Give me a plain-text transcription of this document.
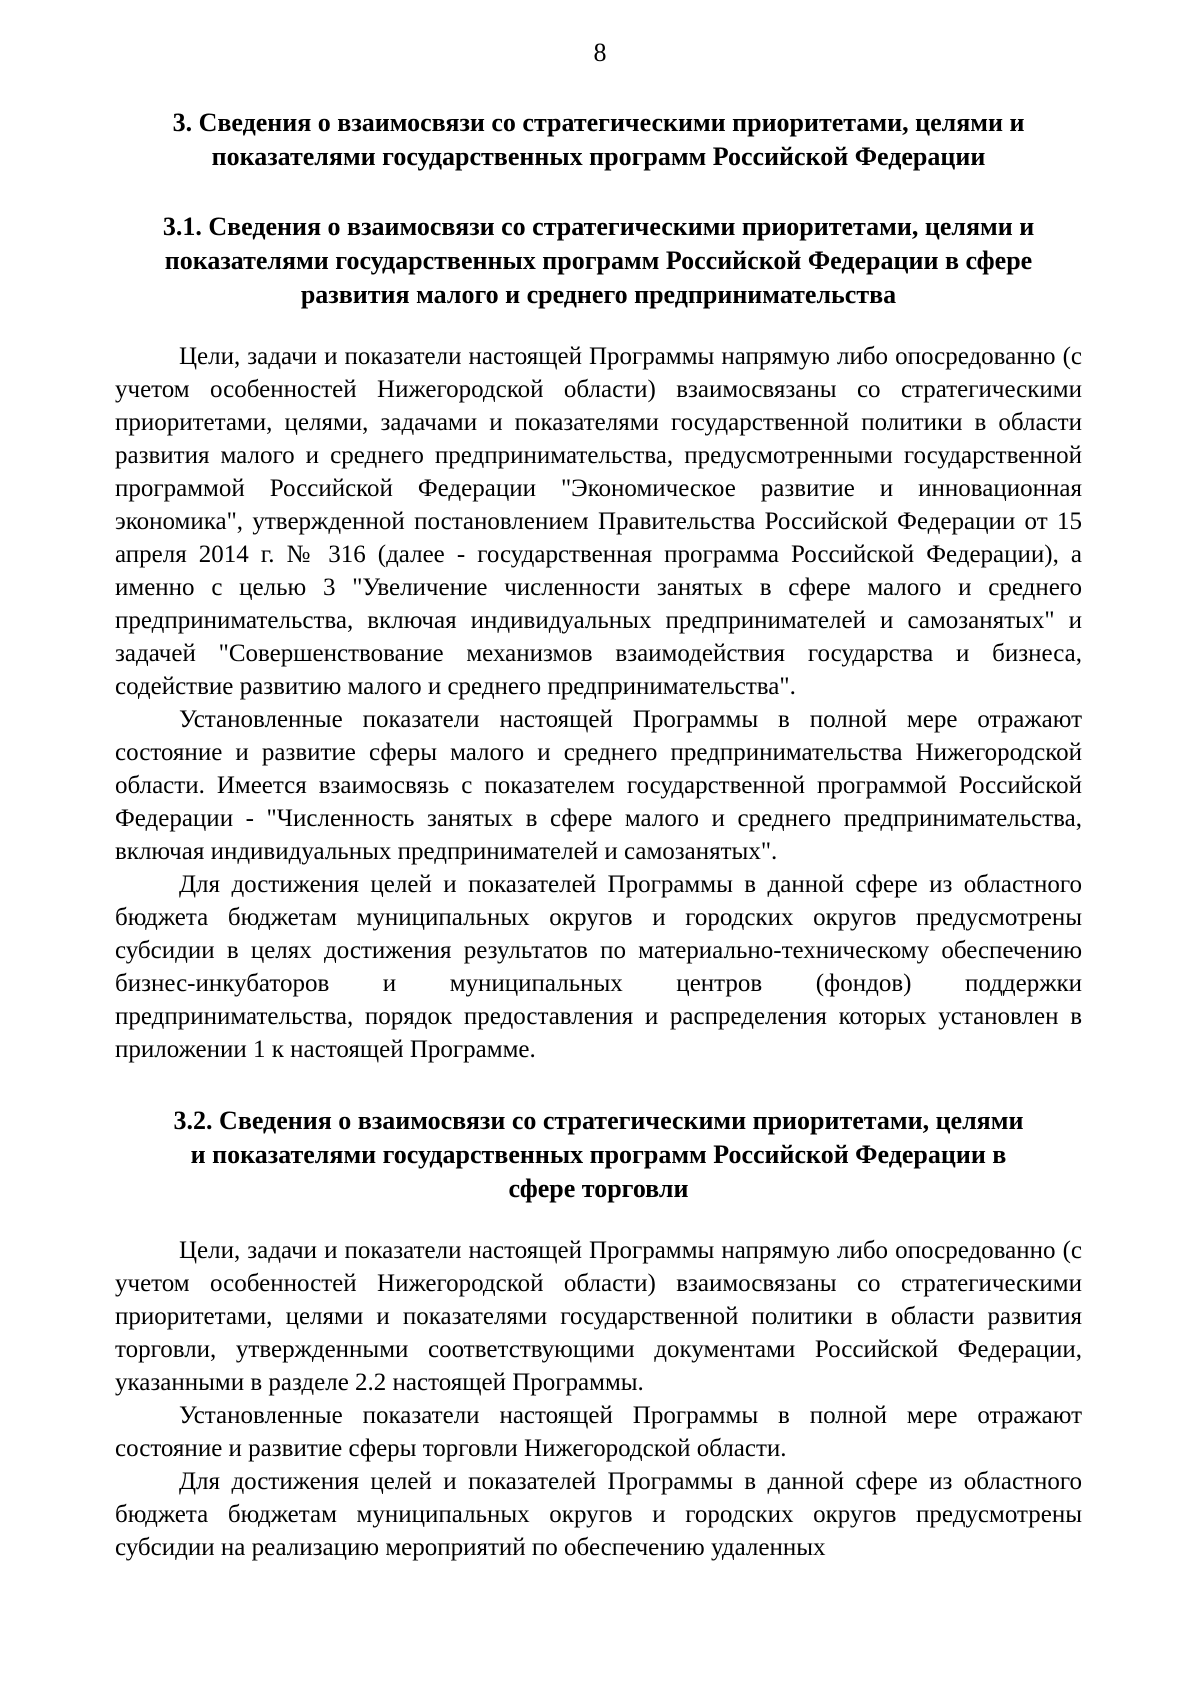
8
3. Сведения о взаимосвязи со стратегическими приоритетами, целями и
показателями государственных программ Российской Федерации
3.1. Сведения о взаимосвязи со стратегическими приоритетами, целями и
показателями государственных программ Российской Федерации в сфере
развития малого и среднего предпринимательства

Цели, задачи и показатели настоящей Программы напрямую либо опосредованно (с учетом особенностей Нижегородской области) взаимосвязаны со стратегическими приоритетами, целями, задачами и показателями государственной политики в области развития малого и среднего предпринимательства, предусмотренными государственной программой Российской Федерации "Экономическое развитие и инновационная экономика", утвержденной постановлением Правительства Российской Федерации от 15 апреля 2014 г. № 316 (далее - государственная программа Российской Федерации), а именно с целью 3 "Увеличение численности занятых в сфере малого и среднего предпринимательства, включая индивидуальных предпринимателей и самозанятых" и задачей "Совершенствование механизмов взаимодействия государства и бизнеса, содействие развитию малого и среднего предпринимательства".

Установленные показатели настоящей Программы в полной мере отражают состояние и развитие сферы малого и среднего предпринимательства Нижегородской области. Имеется взаимосвязь с показателем государственной программой Российской Федерации - "Численность занятых в сфере малого и среднего предпринимательства, включая индивидуальных предпринимателей и самозанятых".

Для достижения целей и показателей Программы в данной сфере из областного бюджета бюджетам муниципальных округов и городских округов предусмотрены субсидии в целях достижения результатов по материально-техническому обеспечению бизнес-инкубаторов и муниципальных центров (фондов) поддержки предпринимательства, порядок предоставления и распределения которых установлен в приложении 1 к настоящей Программе.

3.2. Сведения о взаимосвязи со стратегическими приоритетами, целями
и показателями государственных программ Российской Федерации в
сфере торговли

Цели, задачи и показатели настоящей Программы напрямую либо опосредованно (с учетом особенностей Нижегородской области) взаимосвязаны со стратегическими приоритетами, целями и показателями государственной политики в области развития торговли, утвержденными соответствующими документами Российской Федерации, указанными в разделе 2.2 настоящей Программы.

Установленные показатели настоящей Программы в полной мере отражают состояние и развитие сферы торговли Нижегородской области.

Для достижения целей и показателей Программы в данной сфере из областного бюджета бюджетам муниципальных округов и городских округов предусмотрены субсидии на реализацию мероприятий по обеспечению удаленных
